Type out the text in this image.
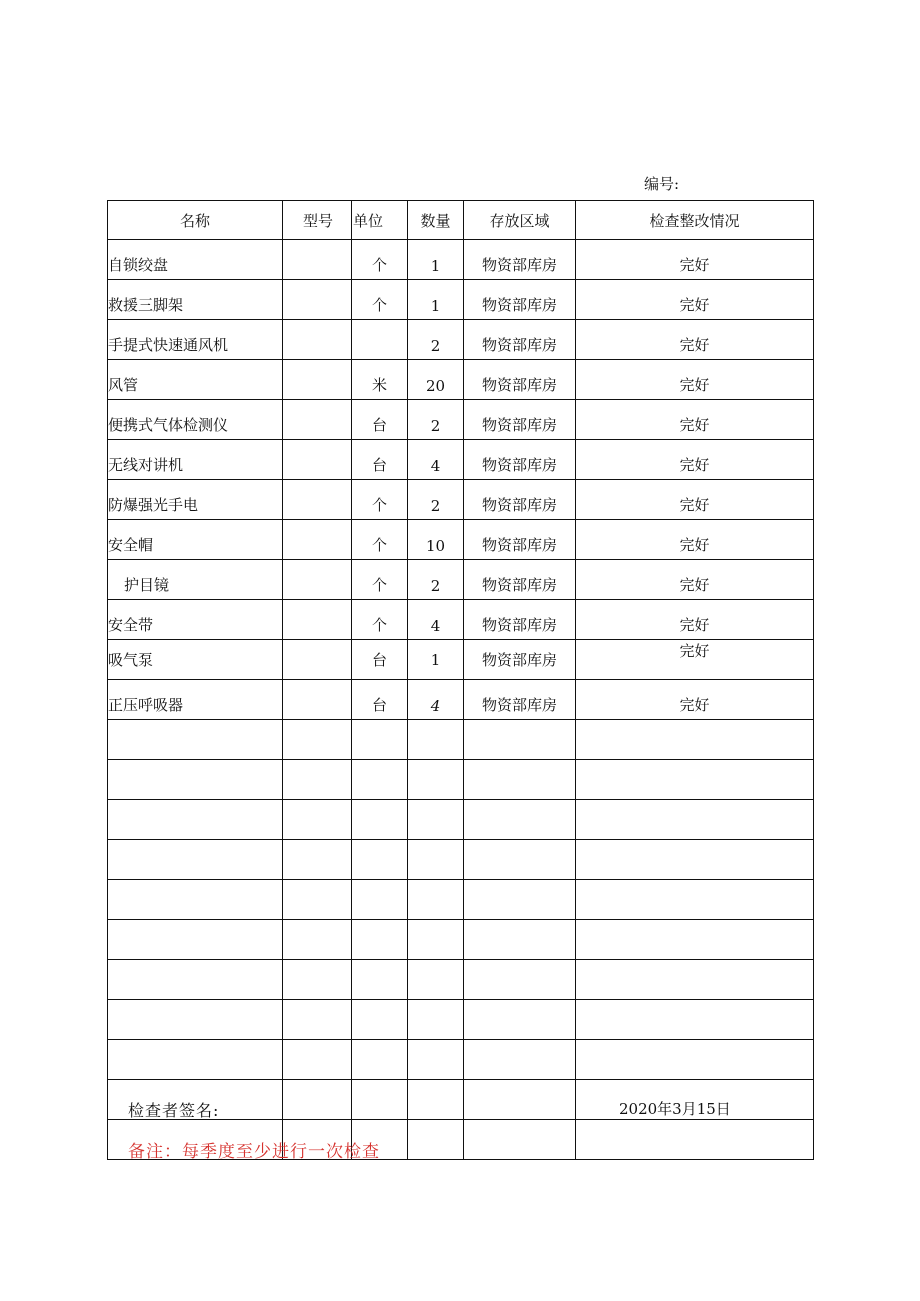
编号:
名称	型号	单位	数量	存放区域	检查整改情况
自锁绞盘		个	1	物资部库房	完好
救援三脚架		个	1	物资部库房	完好
手提式快速通风机			2	物资部库房	完好
风管		米	20	物资部库房	完好
便携式气体检测仪		台	2	物资部库房	完好
无线对讲机		台	4	物资部库房	完好
防爆强光手电		个	2	物资部库房	完好
安全帽		个	10	物资部库房	完好
护目镜		个	2	物资部库房	完好
安全带		个	4	物资部库房	完好
吸气泵		台	1	物资部库房	完好
正压呼吸器		台	4	物资部库房	完好

检查者签名:	2020年3月15日
备注：每季度至少进行一次检查
